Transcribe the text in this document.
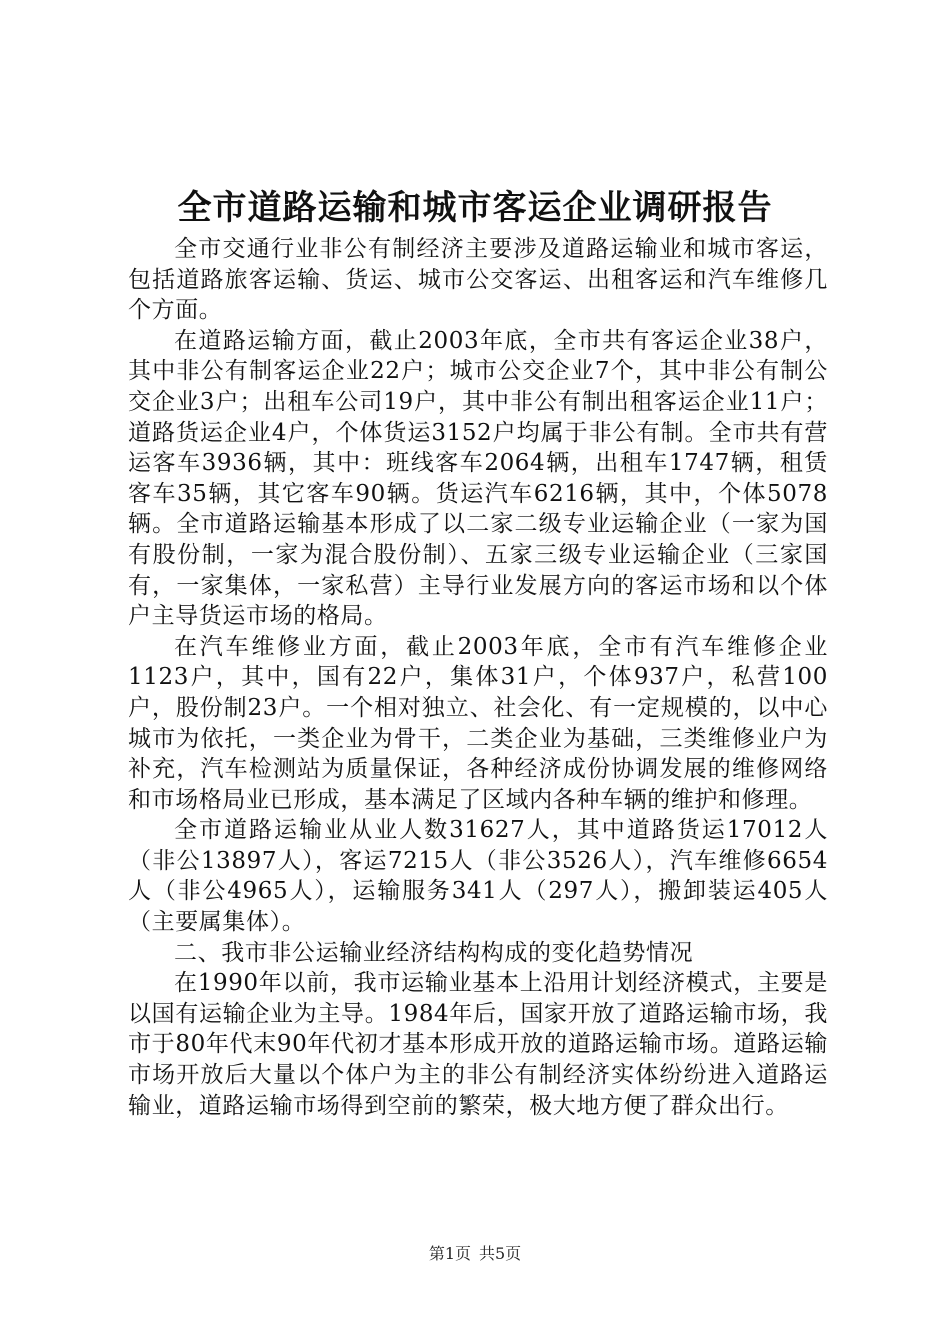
全市道路运输和城市客运企业调研报告

全市交通行业非公有制经济主要涉及道路运输业和城市客运，包括道路旅客运输、货运、城市公交客运、出租客运和汽车维修几个方面。

在道路运输方面，截止2003年底，全市共有客运企业38户，其中非公有制客运企业22户；城市公交企业7个，其中非公有制公交企业3户；出租车公司19户，其中非公有制出租客运企业11户；道路货运企业4户，个体货运3152户均属于非公有制。全市共有营运客车3936辆，其中：班线客车2064辆，出租车1747辆，租赁客车35辆，其它客车90辆。货运汽车6216辆，其中，个体5078辆。全市道路运输基本形成了以二家二级专业运输企业（一家为国有股份制，一家为混合股份制）、五家三级专业运输企业（三家国有，一家集体，一家私营）主导行业发展方向的客运市场和以个体户主导货运市场的格局。

在汽车维修业方面，截止2003年底，全市有汽车维修企业1123户，其中，国有22户，集体31户，个体937户，私营100户，股份制23户。一个相对独立、社会化、有一定规模的，以中心城市为依托，一类企业为骨干，二类企业为基础，三类维修业户为补充，汽车检测站为质量保证，各种经济成份协调发展的维修网络和市场格局业已形成，基本满足了区域内各种车辆的维护和修理。

全市道路运输业从业人数31627人，其中道路货运17012人（非公13897人），客运7215人（非公3526人），汽车维修6654人（非公4965人），运输服务341人（297人），搬卸装运405人（主要属集体）。

二、我市非公运输业经济结构构成的变化趋势情况

在1990年以前，我市运输业基本上沿用计划经济模式，主要是以国有运输企业为主导。1984年后，国家开放了道路运输市场，我市于80年代末90年代初才基本形成开放的道路运输市场。道路运输市场开放后大量以个体户为主的非公有制经济实体纷纷进入道路运输业，道路运输市场得到空前的繁荣，极大地方便了群众出行。

第1页 共5页
